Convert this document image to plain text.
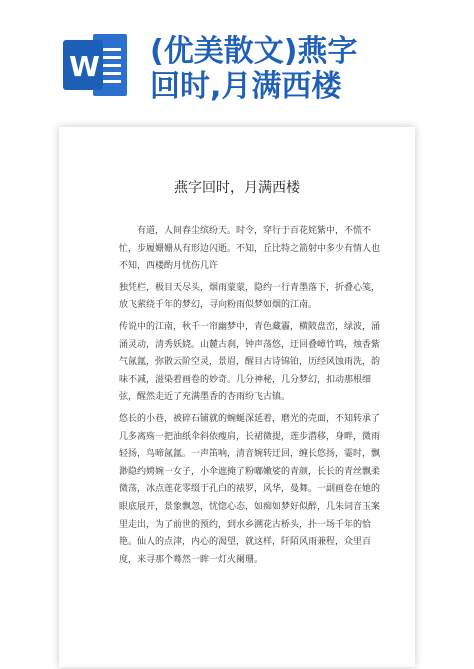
W (优美散文)燕字
回时,月满西楼
燕字回时，月满西楼

有道，人间春尘缤纷天。时令，穿行于百花姹紫中，不慌不忙，步履姗姗从有形边闪逝。不知，丘比特之箭射中多少有情人也不知，西楼酌月忧伤几许

独凭栏，极目天尽头，烟雨蒙蒙，隐约一行青墨落下，折叠心笺，放飞萦绕千年的梦幻，寻向粉雨似梦如烟的江南。

传说中的江南，秋千一帘幽梦中，青色藏霾，横陂盘峦，绿波，涌涌灵动，清秀妖娆。山麓古刹，钟声荡悠，迂回叠嶂竹鸣，烛香紫气氤氲，弥散云阶空灵，景眉，醒目古诗锦铂，历经风蚀雨洗，韵味不减，滋染着画卷的妙奇。几分神秘，几分梦幻，扣动那根细弦，醒然走近了充满墨香的杏雨纷飞古镇。

悠长的小巷，被碎石铺就的蜿蜒深延着，磨光的壳面，不知转承了几多离殇一把油纸伞斜依瘦肩，长裙微提，莲步潜移，身畔，微雨轻扬，鸟啼氤氲。一声笛响，清音婉转迂回，缠长悠扬，霎时，飘渺隐约娉婉一女子，小伞遮掩了粉嘟嫩娑的青颜，长长的青丝飘柔微荡，冰点莲花零缀于孔白的裱罗，风华，曼舞。一副画卷在她的眼底展开，景象飘忽，忧惚心态，如痴如梦好似醉，几朱词音玉案里走出，为了前世的预约，到水乡溯花古桥头，扑一场千年的恰艳。仙人的点津，内心的渴望，就这样，阡陌风雨兼程，众里百度，来寻那个蓦然一眸一灯火阑珊。
